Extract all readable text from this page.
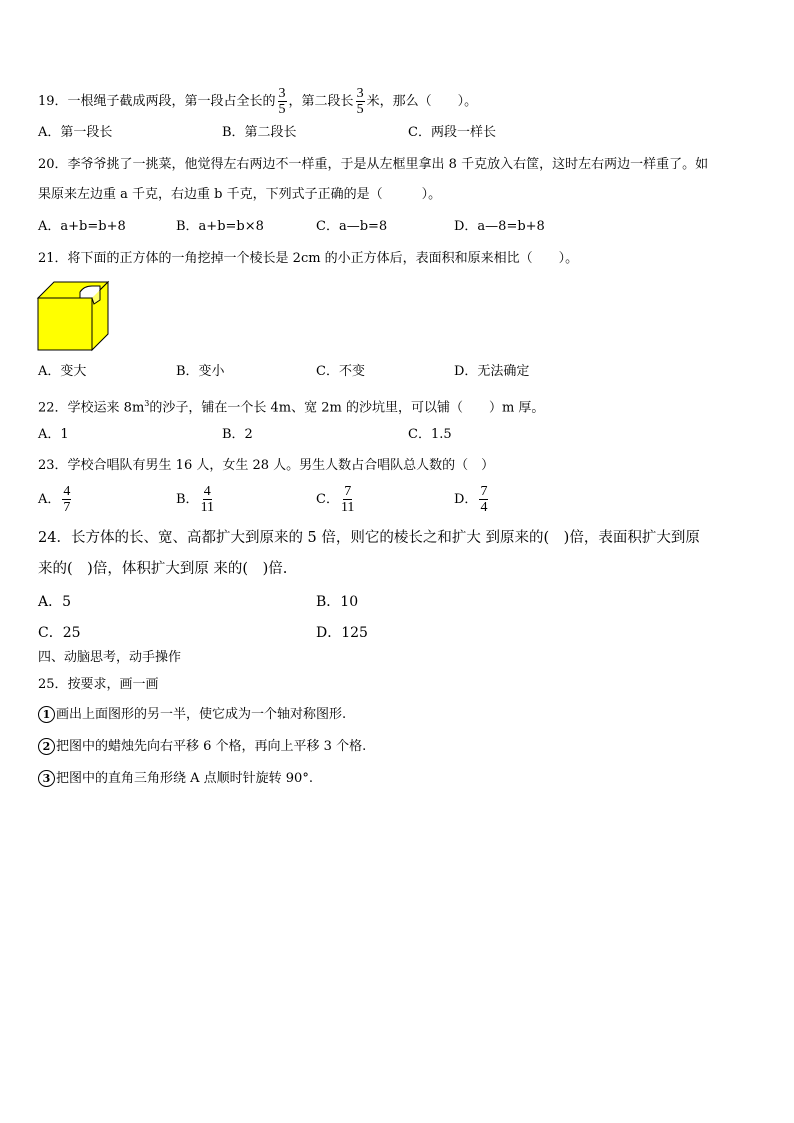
19．一根绳子截成两段，第一段占全长的 $\frac{3}{5}$ ，第二段长 $\frac{3}{5}$ 米，那么（　　）。
A．第一段长	B．第二段长	C．两段一样长
20．李爷爷挑了一挑菜，他觉得左右两边不一样重，于是从左框里拿出 8 千克放入右筐，这时左右两边一样重了。如
果原来左边重 a 千克，右边重 b 千克，下列式子正确的是（　　　）。
A．a+b=b+8	B．a+b=b×8	C．a—b=8	D．a—8=b+8
21．将下面的正方体的一角挖掉一个棱长是 2cm 的小正方体后，表面积和原来相比（　　）。
A．变大	B．变小	C．不变	D．无法确定
22．学校运来 $8m^3$的沙子，铺在一个长 4m、宽 2m 的沙坑里，可以铺（　　）m 厚。
A．1	B．2	C．1.5
23．学校合唱队有男生 16 人，女生 28 人。男生人数占合唱队总人数的（　）
A． $\frac{4}{7}$	B． $\frac{4}{11}$	C． $\frac{7}{11}$	D． $\frac{7}{4}$
24．长方体的长、宽、高都扩大到原来的 5 倍，则它的棱长之和扩大 到原来的(　)倍，表面积扩大到原
来的(　)倍，体积扩大到原 来的(　)倍.
A．5	B．10
C．25	D．125
四、动脑思考，动手操作
25．按要求，画一画
1 画出上面图形的另一半，使它成为一个轴对称图形.
2 把图中的蜡烛先向右平移 6 个格，再向上平移 3 个格.
3 把图中的直角三角形绕 A 点顺时针旋转 90°.
